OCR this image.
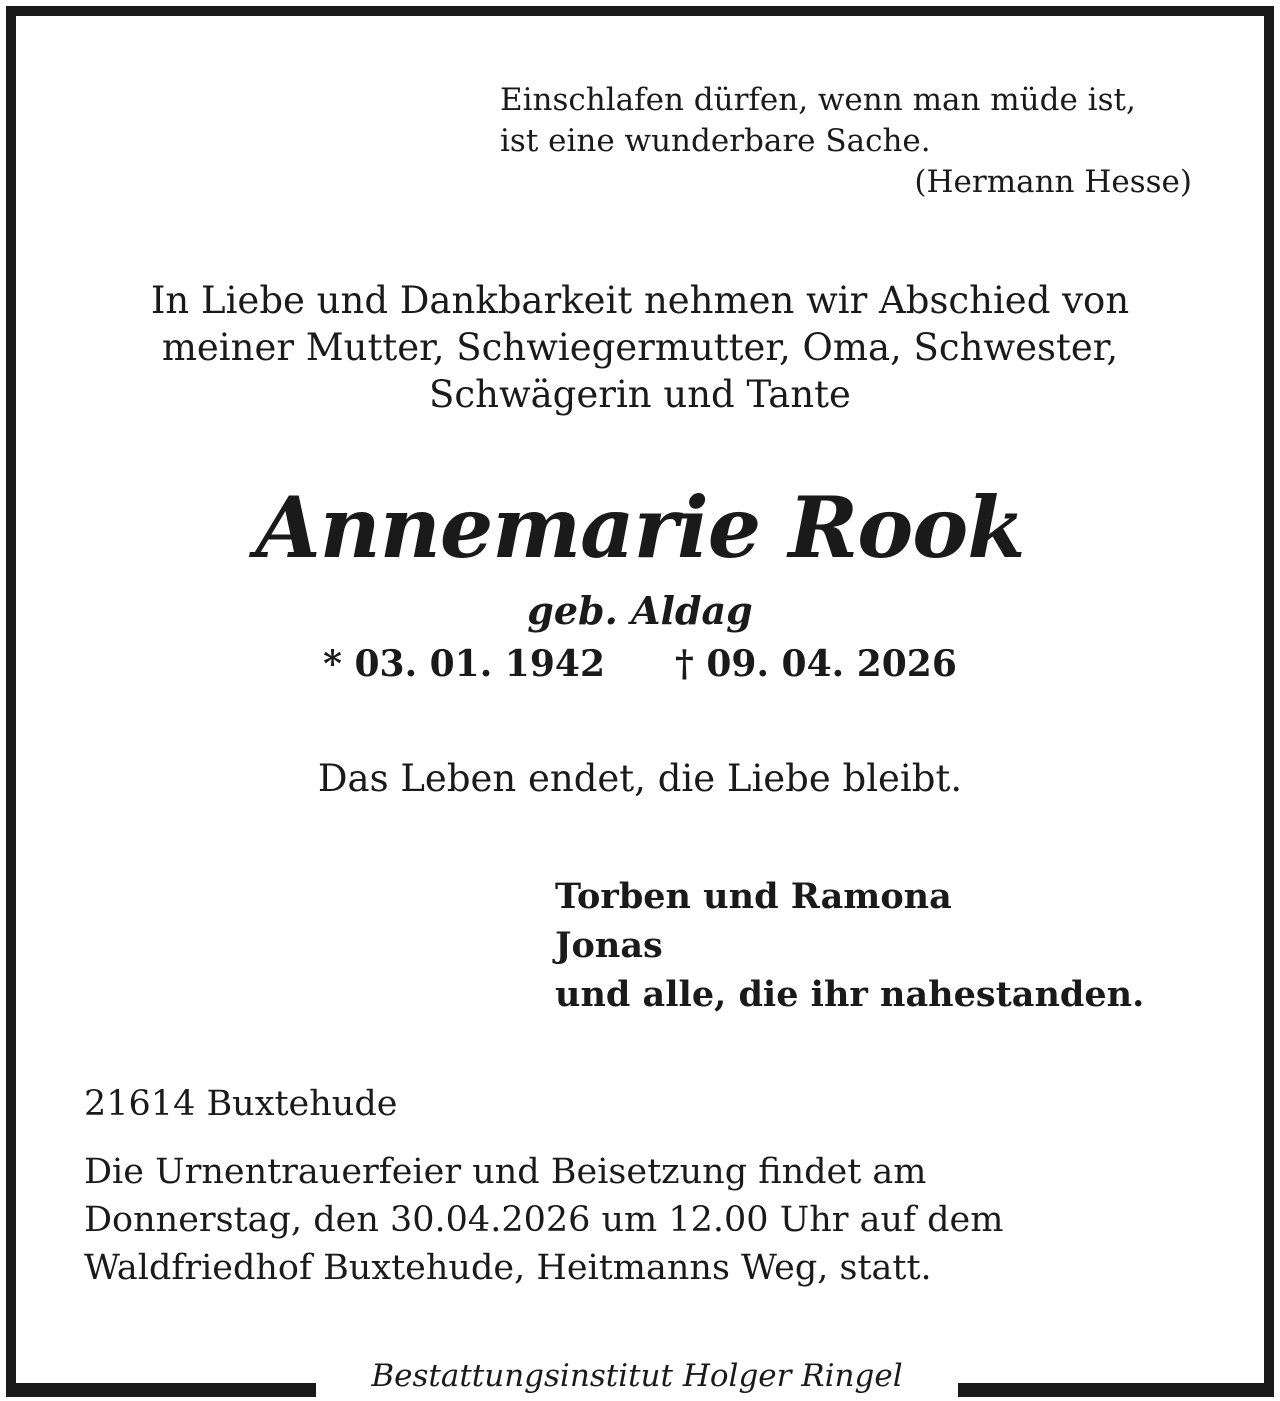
Einschlafen dürfen, wenn man müde ist,
ist eine wunderbare Sache.
(Hermann Hesse)
In Liebe und Dankbarkeit nehmen wir Abschied von
meiner Mutter, Schwiegermutter, Oma, Schwester,
Schwägerin und Tante
Annemarie Rook
geb. Aldag
* 03. 01. 1942 † 09. 04. 2026
Das Leben endet, die Liebe bleibt.
Torben und Ramona
Jonas
und alle, die ihr nahestanden.
21614 Buxtehude
Die Urnentrauerfeier und Beisetzung findet am
Donnerstag, den 30.04.2026 um 12.00 Uhr auf dem
Waldfriedhof Buxtehude, Heitmanns Weg, statt.
Bestattungsinstitut Holger Ringel
